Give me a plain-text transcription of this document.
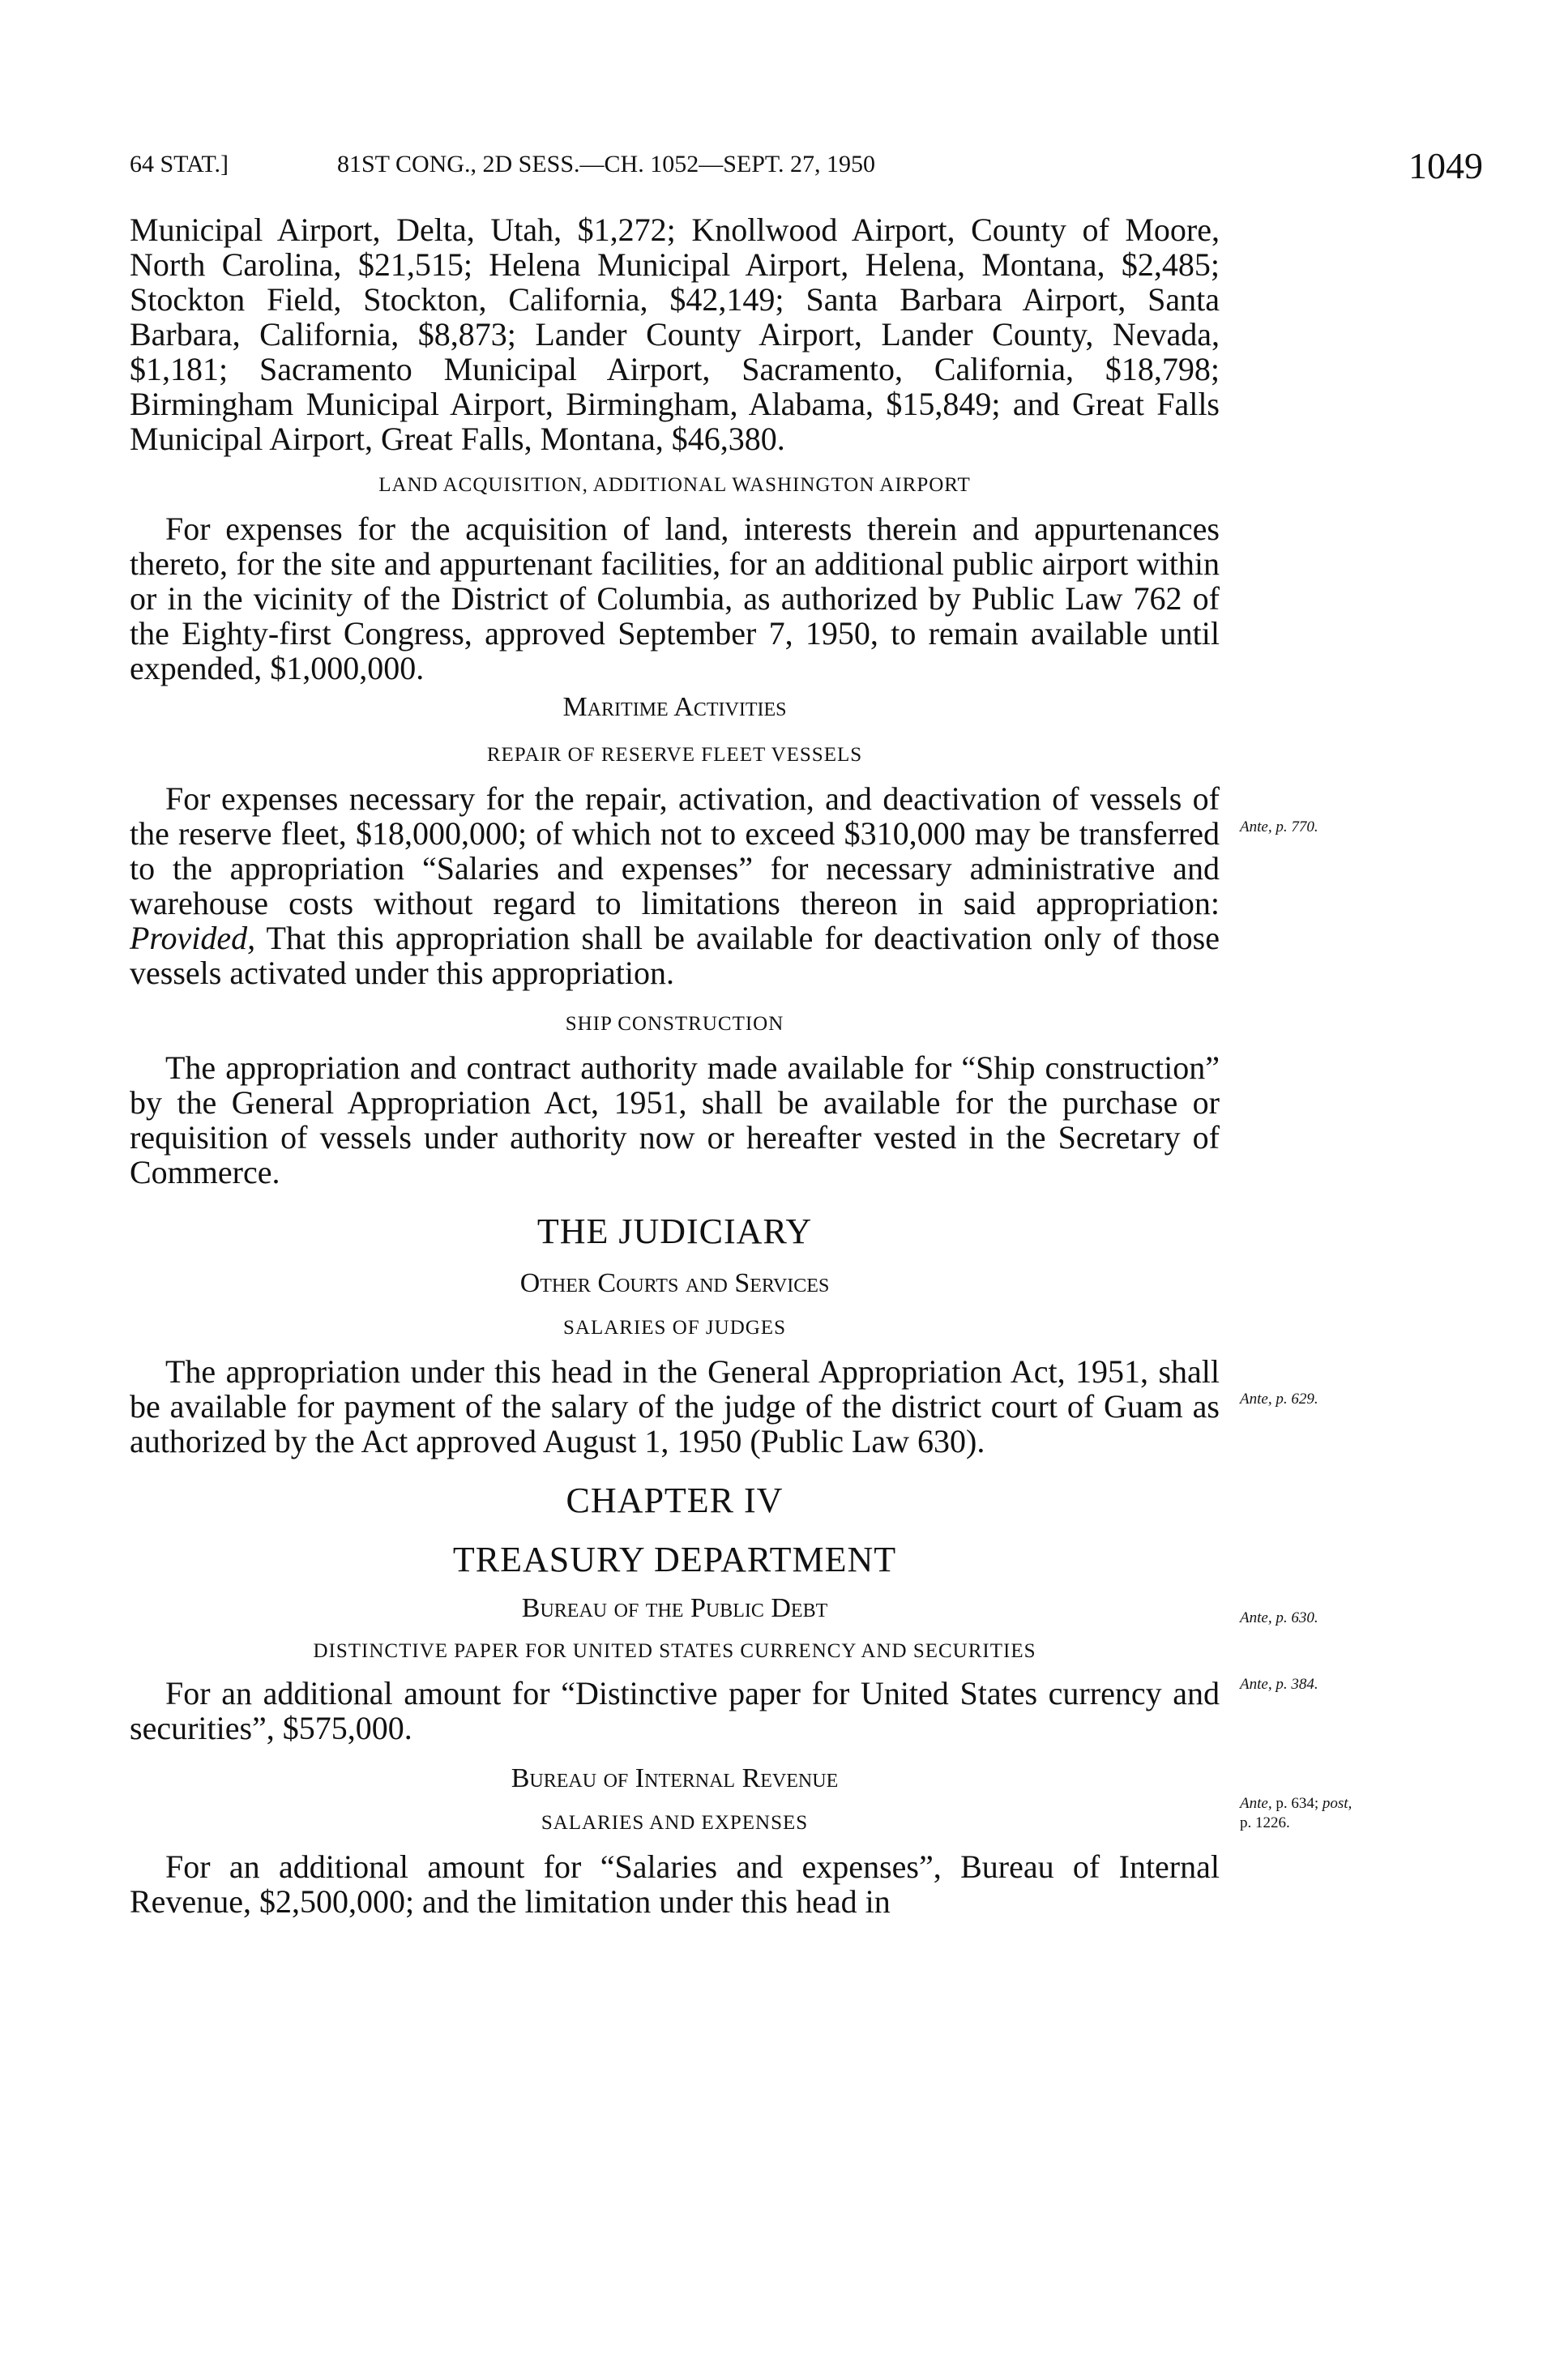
64 STAT.]	81ST CONG., 2D SESS.—CH. 1052—SEPT. 27, 1950	1049

Municipal Airport, Delta, Utah, $1,272; Knollwood Airport, County of Moore, North Carolina, $21,515; Helena Municipal Airport, Helena, Montana, $2,485; Stockton Field, Stockton, California, $42,149; Santa Barbara Airport, Santa Barbara, California, $8,873; Lander County Airport, Lander County, Nevada, $1,181; Sacramento Municipal Airport, Sacramento, California, $18,798; Birmingham Municipal Airport, Birmingham, Alabama, $15,849; and Great Falls Municipal Airport, Great Falls, Montana, $46,380.

LAND ACQUISITION, ADDITIONAL WASHINGTON AIRPORT

For expenses for the acquisition of land, interests therein and appurtenances thereto, for the site and appurtenant facilities, for an additional public airport within or in the vicinity of the District of Columbia, as authorized by Public Law 762 of the Eighty-first Congress, approved September 7, 1950, to remain available until expended, $1,000,000.

Maritime Activities

REPAIR OF RESERVE FLEET VESSELS

For expenses necessary for the repair, activation, and deactivation of vessels of the reserve fleet, $18,000,000; of which not to exceed $310,000 may be transferred to the appropriation “Salaries and expenses” for necessary administrative and warehouse costs without regard to limitations thereon in said appropriation: Provided, That this appropriation shall be available for deactivation only of those vessels activated under this appropriation.

SHIP CONSTRUCTION

The appropriation and contract authority made available for “Ship construction” by the General Appropriation Act, 1951, shall be available for the purchase or requisition of vessels under authority now or hereafter vested in the Secretary of Commerce.

THE JUDICIARY

Other Courts and Services

SALARIES OF JUDGES

The appropriation under this head in the General Appropriation Act, 1951, shall be available for payment of the salary of the judge of the district court of Guam as authorized by the Act approved August 1, 1950 (Public Law 630).

CHAPTER IV

TREASURY DEPARTMENT

Bureau of the Public Debt

DISTINCTIVE PAPER FOR UNITED STATES CURRENCY AND SECURITIES

For an additional amount for “Distinctive paper for United States currency and securities”, $575,000.

Bureau of Internal Revenue

SALARIES AND EXPENSES

For an additional amount for “Salaries and expenses”, Bureau of Internal Revenue, $2,500,000; and the limitation under this head in

Ante, p. 770.
Ante, p. 629.
Ante, p. 630.
Ante, p. 384.
Ante, p. 634; post,
p. 1226.
